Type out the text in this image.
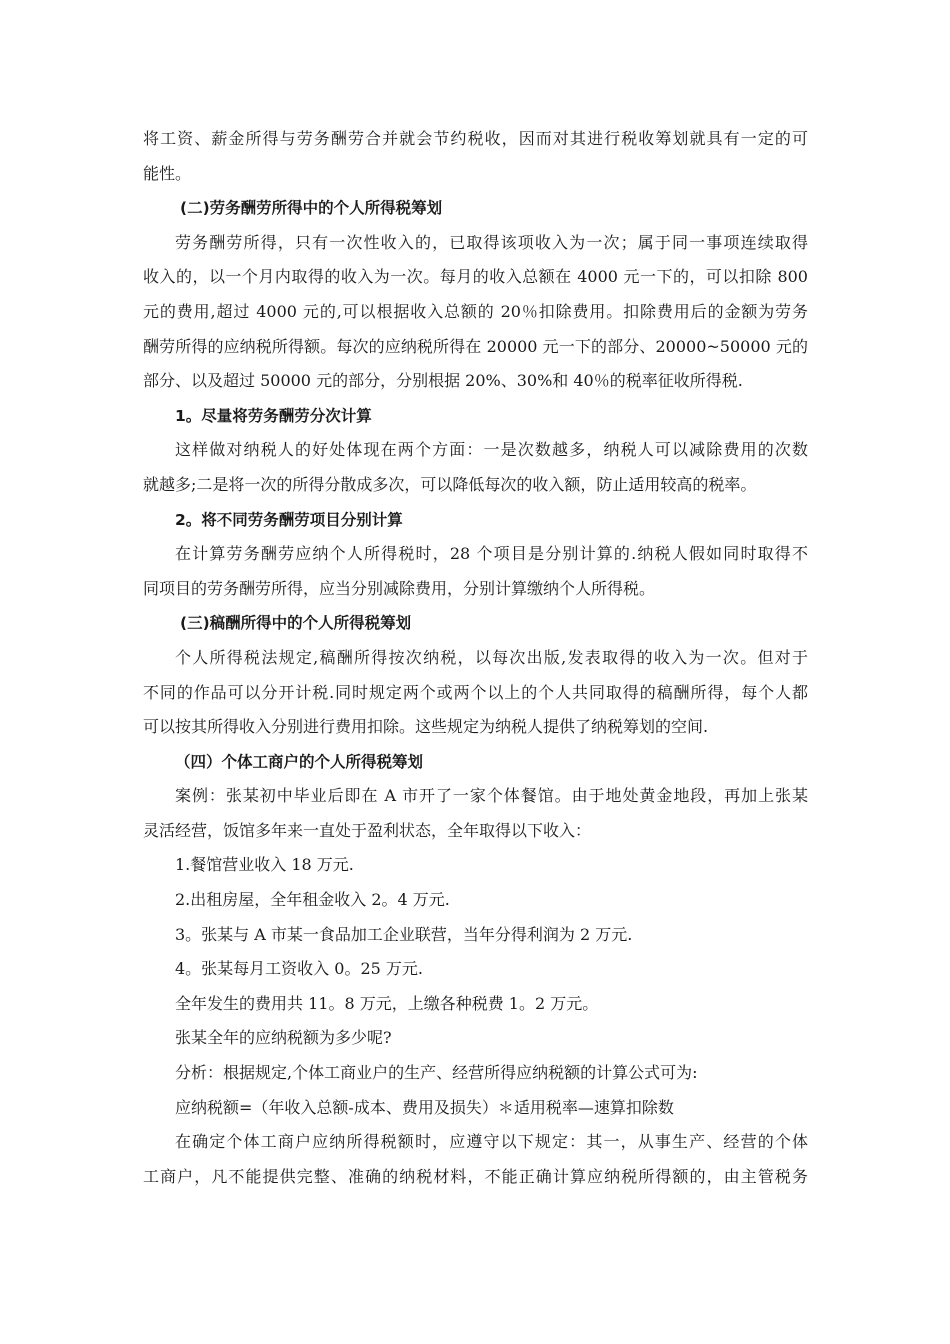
将工资、薪金所得与劳务酬劳合并就会节约税收，因而对其进行税收筹划就具有一定的可
能性。
(二)劳务酬劳所得中的个人所得税筹划
劳务酬劳所得，只有一次性收入的，已取得该项收入为一次；属于同一事项连续取得
收入的，以一个月内取得的收入为一次。每月的收入总额在 4000 元一下的，可以扣除 800
元的费用,超过 4000 元的,可以根据收入总额的 20％扣除费用。扣除费用后的金额为劳务
酬劳所得的应纳税所得额。每次的应纳税所得在 20000 元一下的部分、20000~50000 元的
部分、以及超过 50000 元的部分，分别根据 20%、30%和 40％的税率征收所得税.
1。尽量将劳务酬劳分次计算
这样做对纳税人的好处体现在两个方面：一是次数越多，纳税人可以减除费用的次数
就越多;二是将一次的所得分散成多次，可以降低每次的收入额，防止适用较高的税率。
2。将不同劳务酬劳项目分别计算
在计算劳务酬劳应纳个人所得税时，28 个项目是分别计算的.纳税人假如同时取得不
同项目的劳务酬劳所得，应当分别减除费用，分别计算缴纳个人所得税。
(三)稿酬所得中的个人所得税筹划
个人所得税法规定,稿酬所得按次纳税，以每次出版,发表取得的收入为一次。但对于
不同的作品可以分开计税.同时规定两个或两个以上的个人共同取得的稿酬所得，每个人都
可以按其所得收入分别进行费用扣除。这些规定为纳税人提供了纳税筹划的空间.
（四）个体工商户的个人所得税筹划
案例：张某初中毕业后即在 A 市开了一家个体餐馆。由于地处黄金地段，再加上张某
灵活经营，饭馆多年来一直处于盈利状态，全年取得以下收入：
1.餐馆营业收入 18 万元.
2.出租房屋，全年租金收入 2。4 万元.
3。张某与 A 市某一食品加工企业联营，当年分得利润为 2 万元.
4。张某每月工资收入 0。25 万元.
全年发生的费用共 11。8 万元，上缴各种税费 1。2 万元。
张某全年的应纳税额为多少呢?
分析：根据规定,个体工商业户的生产、经营所得应纳税额的计算公式可为:
应纳税额=（年收入总额-成本、费用及损失）＊适用税率—速算扣除数
在确定个体工商户应纳所得税额时，应遵守以下规定：其一，从事生产、经营的个体
工商户，凡不能提供完整、准确的纳税材料，不能正确计算应纳税所得额的，由主管税务
